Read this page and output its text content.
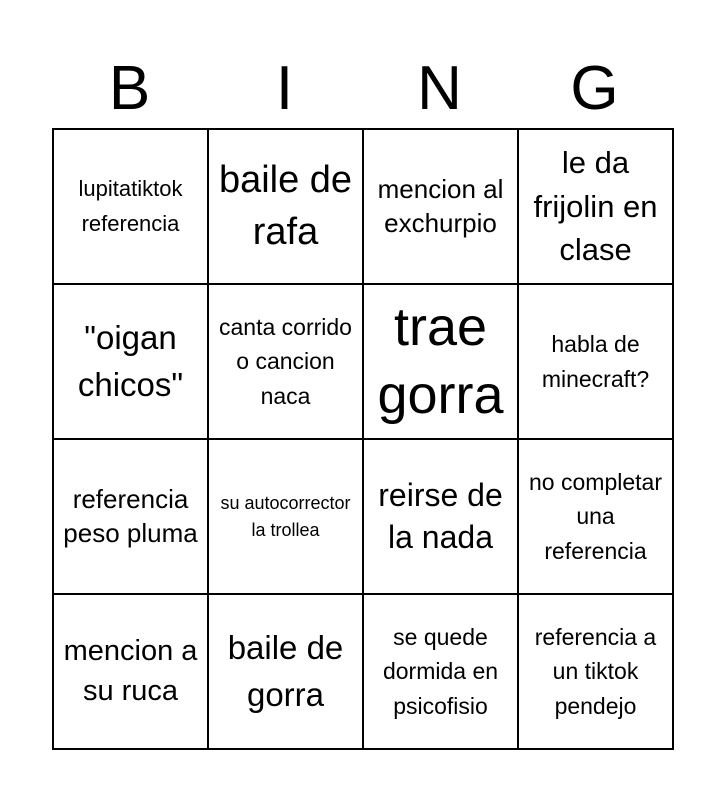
B	I	N	G
lupitatiktok referencia	baile de rafa	mencion al exchurpio	le da frijolin en clase

"oigan chicos"	canta corrido o cancion naca	trae gorra	habla de minecraft?

referencia peso pluma	su autocorrector la trollea	reirse de la nada	no completar una referencia

mencion a su ruca	baile de gorra	se quede dormida en psicofisio	referencia a un tiktok pendejo
